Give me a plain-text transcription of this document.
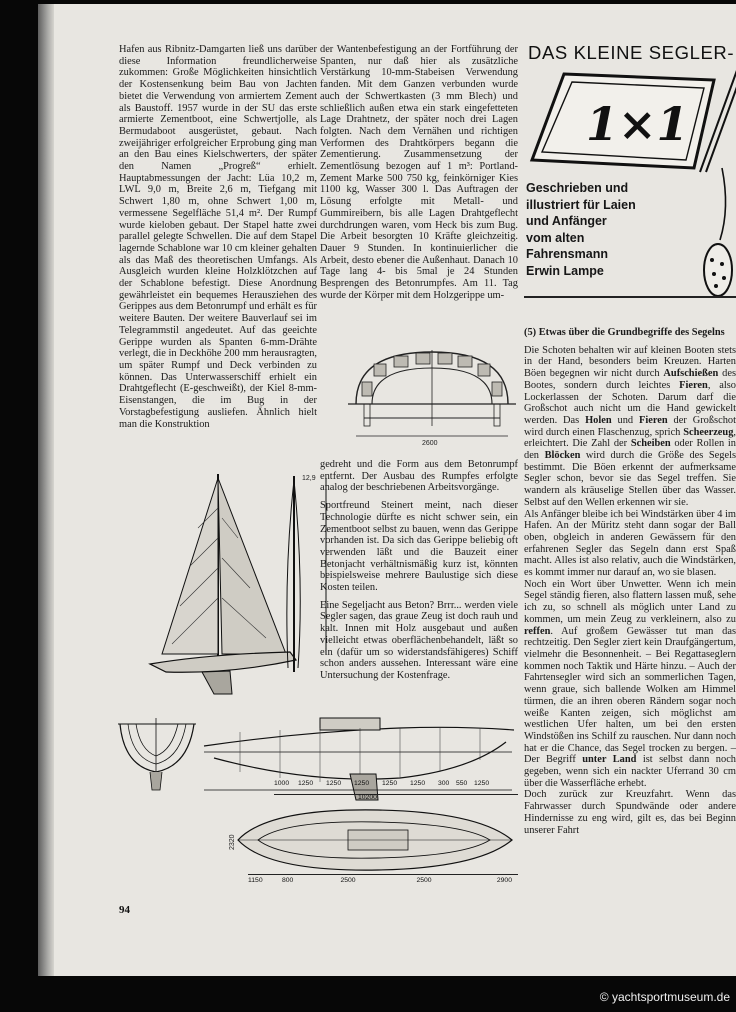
Hafen aus Ribnitz-Damgarten ließ uns darüber diese Information freundlicherweise zukommen: Große Möglichkeiten hinsichtlich der Kostensenkung beim Bau von Jachten bietet die Verwendung von armiertem Zement als Baustoff. 1957 wurde in der SU das erste armierte Zementboot, eine Schwertjolle, als Bermudaboot ausgerüstet, gebaut. Nach zweijähriger erfolgreicher Erprobung ging man an den Bau eines Kielschwerters, der später den Namen „Progreß“ erhielt. Hauptabmessungen der Jacht: Lüa 10,2 m, LWL 9,0 m, Breite 2,6 m, Tiefgang mit Schwert 1,80 m, ohne Schwert 1,00 m, vermessene Segelfläche 51,4 m². Der Rumpf wurde kieloben gebaut. Der Stapel hatte zwei parallel gelegte Schwellen. Die auf dem Stapel lagernde Schablone war 10 cm kleiner gehalten als das Maß des theoretischen Umfangs. Als Ausgleich wurden kleine Holzklötzchen auf der Schablone befestigt. Diese Anordnung gewährleistet ein bequemes Herausziehen des Gerippes aus dem Betonrumpf und erhält es für weitere Bauten. Der weitere Bauverlauf sei im Telegrammstil angedeutet. Auf das geeichte Gerippe wurden als Spanten 6-mm-Drähte verlegt, die in Deckhöhe 200 mm herausragten, um später Rumpf und Deck verbinden zu können. Das Unterwasserschiff erhielt ein Drahtgeflecht (E-geschweißt), der Kiel 8-mm-Eisenstangen, die im Bug in der Vorstagbefestigung ausliefen. Ähnlich hielt man die Konstruktion

der Wantenbefestigung an der Fortführung der Spanten, nur daß hier als zusätzliche Verstärkung 10-mm-Stabeisen Verwendung fanden. Mit dem Ganzen verbunden wurde auch der Schwertkasten (3 mm Blech) und schließlich außen etwa ein stark eingefetteten Lage Drahtnetz, der später noch drei Lagen folgten. Nach dem Vernähen und richtigen Verformen des Drahtkörpers begann die Zementierung. Zusammensetzung der Zementlösung bezogen auf 1 m³: Portland-Zement Marke 500 750 kg, feinkörniger Kies 1100 kg, Wasser 300 l. Das Auftragen der Lösung erfolgte mit Metall- und Gummireibern, bis alle Lagen Drahtgeflecht durchdrungen waren, vom Heck bis zum Bug. Die Arbeit besorgten 10 Kräfte gleichzeitig. Dauer 9 Stunden. In kontinuierlicher die Arbeit, desto ebener die Außenhaut. Danach 10 Tage lang 4- bis 5mal je 24 Stunden Besprengen des Betonrumpfes. Am 11. Tag wurde der Körper mit dem Holzgerippe um-

2600

gedreht und die Form aus dem Betonrumpf entfernt. Der Ausbau des Rumpfes erfolgte analog der beschriebenen Arbeitsvorgänge.

Sportfreund Steinert meint, nach dieser Technologie dürfte es nicht schwer sein, ein Zementboot selbst zu bauen, wenn das Gerippe vorhanden ist. Da sich das Gerippe beliebig oft verwenden läßt und die Bauzeit einer Betonjacht verhältnismäßig kurz ist, könnten beispielsweise mehrere Baulustige sich diese Kosten teilen.

Eine Segeljacht aus Beton? Brrr... werden viele Segler sagen, das graue Zeug ist doch rauh und kalt. Innen mit Holz ausgebaut und außen vielleicht etwas oberflächenbehandelt, läßt so ein (dafür um so widerstandsfähigeres) Schiff schon anders aussehen. Interessant wäre eine Untersuchung der Kostenfrage.

12,9
1000	1250	1250	1250	1250	1250	300 550 1250
10200
2320
1150	800	2500	2500	2900
DAS KLEINE SEGLER-
1×1
Geschrieben und
illustriert für Laien
und Anfänger
vom alten
Fahrensmann
Erwin Lampe

(5) Etwas über die Grundbegriffe des Segelns

Die Schoten behalten wir auf kleinen Booten stets in der Hand, besonders beim Kreuzen. Harten Böen begegnen wir nicht durch Aufschießen des Bootes, sondern durch leichtes Fieren, also Lockerlassen der Schoten. Darum darf die Großschot auch nicht um die Hand gewickelt werden. Das Holen und Fieren der Großschot wird durch einen Flaschenzug, sprich Scheerzeug, erleichtert. Die Zahl der Scheiben oder Rollen in den Blöcken wird durch die Größe des Segels bestimmt. Die Böen erkennt der aufmerksame Segler schon, bevor sie das Segel treffen. Sie wandern als kräuselige Stellen über das Wasser. Selbst auf den Wellen erkennen wir sie.

Als Anfänger bleibe ich bei Windstärken über 4 im Hafen. An der Müritz steht dann sogar der Ball oben, obgleich in anderen Gewässern für den erfahrenen Segler das Segeln dann erst Spaß macht. Alles ist also relativ, auch die Windstärken, es kommt immer nur darauf an, wo sie blasen.

Noch ein Wort über Unwetter. Wenn ich mein Segel ständig fieren, also flattern lassen muß, sehe ich zu, so schnell als möglich unter Land zu kommen, um mein Zeug zu verkleinern, also zu reffen. Auf großem Gewässer tut man das rechtzeitig. Den Segler ziert kein Draufgängertum, vielmehr die Besonnenheit. – Bei Regattaseglern kommen noch Taktik und Härte hinzu. – Auch der Fahrtensegler wird sich an sommerlichen Tagen, wenn graue, sich ballende Wolken am Himmel türmen, die an ihren oberen Rändern sogar noch weiße Kanten zeigen, sich möglichst am westlichen Ufer halten, um bei den ersten Windstößen ins Schilf zu rauschen. Nur dann noch hat er die Chance, das Segel trocken zu bergen. – Der Begriff unter Land ist selbst dann noch gegeben, wenn sich ein nackter Uferrand 30 cm über die Wasserfläche erhebt.

Doch zurück zur Kreuzfahrt. Wenn das Fahrwasser durch Spundwände oder andere Hindernisse zu eng wird, gilt es, das bei Beginn unserer Fahrt

94
© yachtsportmuseum.de
